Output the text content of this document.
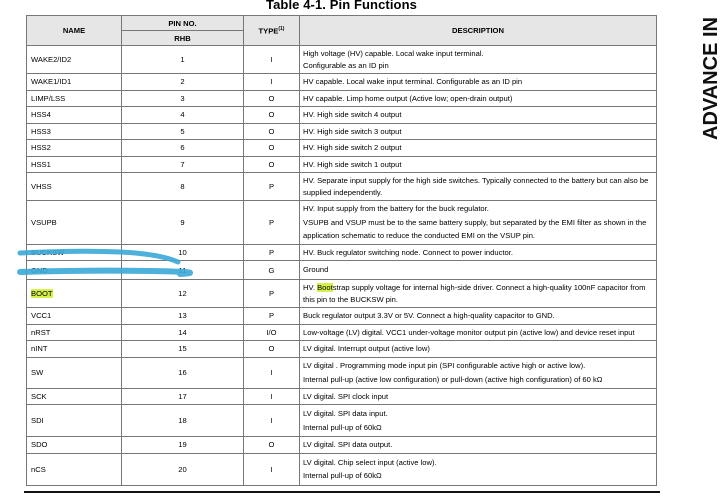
Table 4-1. Pin Functions
ADVANCE IN
NAME	PIN NO.	TYPE$^{(1)}$	DESCRIPTION
	RHB		
WAKE2/ID2	1	I	High voltage (HV) capable. Local wake input terminal.
Configurable as an ID pin

WAKE1/ID1	2	I	HV capable. Local wake input terminal. Configurable as an ID pin

LIMP/LSS	3	O	HV capable. Limp home output (Active low; open-drain output)

HSS4	4	O	HV. High side switch 4 output

HSS3	5	O	HV. High side switch 3 output

HSS2	6	O	HV. High side switch 2 output

HSS1	7	O	HV. High side switch 1 output

VHSS	8	P	HV. Separate input supply for the high side switches. Typically connected to the battery but can also be
supplied independently.

VSUPB	9	P	HV. Input supply from the battery for the buck regulator.
VSUPB and VSUP must be to the same battery supply, but separated by the EMI filter as shown in the
application schematic to reduce the conducted EMI on the VSUP pin.

BUCKSW	10	P	HV. Buck regulator switching node. Connect to power inductor.

GND	11	G	Ground

BOOT	12	P	HV. Bootstrap supply voltage for internal high-side driver. Connect a high-quality 100nF capacitor from
this pin to the BUCKSW pin.

VCC1	13	P	Buck regulator output 3.3V or 5V. Connect a high-quality capacitor to GND.

nRST	14	I/O	Low-voltage (LV) digital. VCC1 under-voltage monitor output pin (active low) and device reset input

nINT	15	O	LV digital. Interrupt output (active low)

SW	16	I	LV digital . Programming mode input pin (SPI configurable active high or active low).
Internal pull-up (active low configuration) or pull-down (active high configuration) of 60 kΩ

SCK	17	I	LV digital. SPI clock input

SDI	18	I	LV digital. SPI data input.
Internal pull-up of 60kΩ

SDO	19	O	LV digital. SPI data output.

nCS	20	I	LV digital. Chip select input (active low).
Internal pull-up of 60kΩ
